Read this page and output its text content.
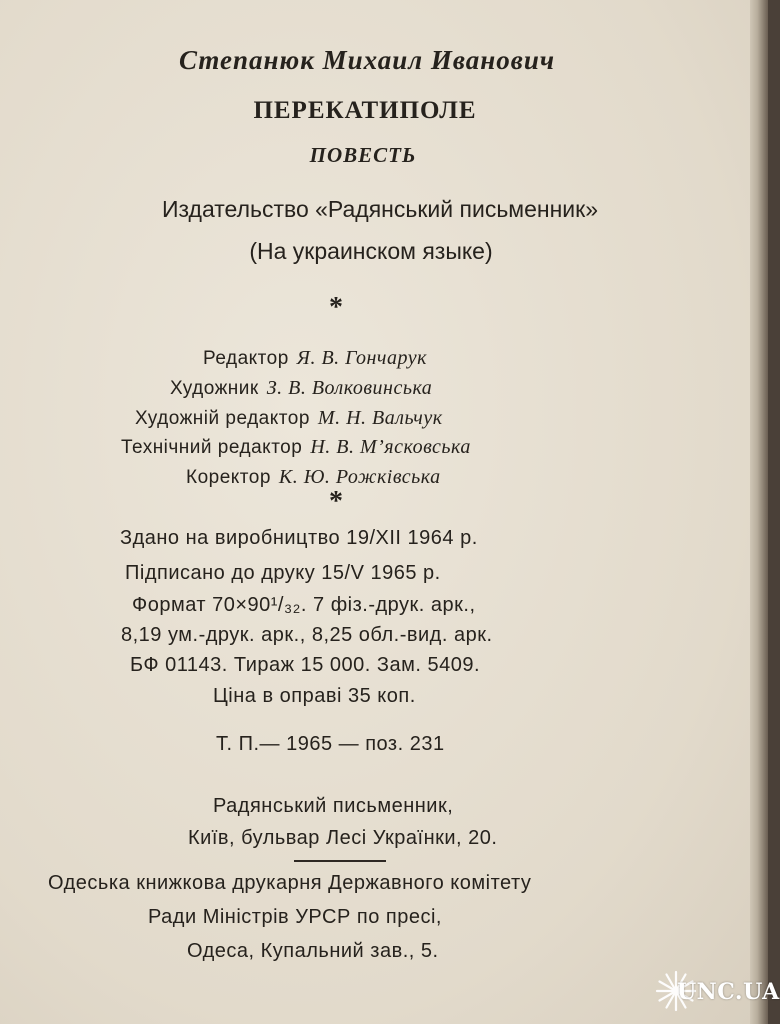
Степанюк Михаил Иванович
ПЕРЕКАТИПОЛЕ
ПОВЕСТЬ
Издательство «Радянський письменник»
(На украинском языке)
*
Редактор Я. В. Гончарук
Художник З. В. Волковинська
Художній редактор М. Н. Вальчук
Технічний редактор Н. В. М’ясковська
Коректор К. Ю. Рожківська
*
Здано на виробництво 19/XII 1964 р.
Підписано до друку 15/V 1965 р.
Формат 70×90¹/₃₂. 7 фіз.-друк. арк.,
8,19 ум.-друк. арк., 8,25 обл.-вид. арк.
БФ 01143. Тираж 15 000. Зам. 5409.
Ціна в оправі 35 коп.
Т. П.— 1965 — поз. 231
Радянський письменник,
Київ, бульвар Лесі Українки, 20.
Одеська книжкова друкарня Державного комітету
Ради Міністрів УРСР по пресі,
Одеса, Купальний зав., 5.
UNC.UA
